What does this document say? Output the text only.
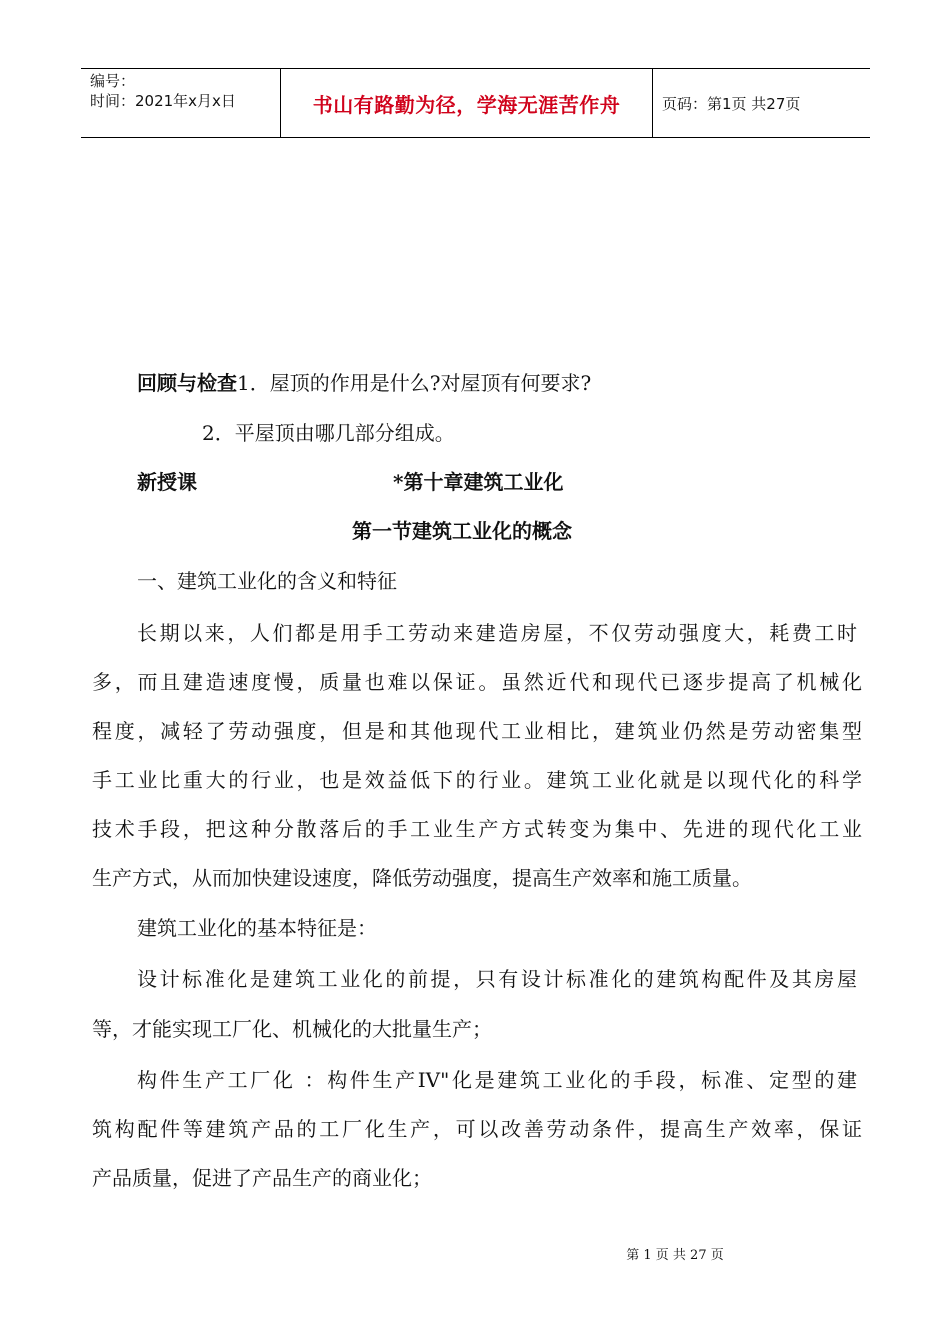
编号：
时间：2021年x月x日	书山有路勤为径，学海无涯苦作舟	页码：第1页 共27页
回顾与检查1．屋顶的作用是什么?对屋顶有何要求?
2．平屋顶由哪几部分组成。
新授课	*第十章建筑工业化
第一节建筑工业化的概念
一、建筑工业化的含义和特征
长期以来，人们都是用手工劳动来建造房屋，不仅劳动强度大，耗费工时
多，而且建造速度慢，质量也难以保证。虽然近代和现代已逐步提高了机械化
程度，减轻了劳动强度，但是和其他现代工业相比，建筑业仍然是劳动密集型
手工业比重大的行业，也是效益低下的行业。建筑工业化就是以现代化的科学
技术手段，把这种分散落后的手工业生产方式转变为集中、先进的现代化工业
生产方式，从而加快建设速度，降低劳动强度，提高生产效率和施工质量。
建筑工业化的基本特征是：
设计标准化是建筑工业化的前提，只有设计标准化的建筑构配件及其房屋
等，才能实现工厂化、机械化的大批量生产；
构件生产工厂化 ：构件生产IV"化是建筑工业化的手段，标准、定型的建
筑构配件等建筑产品的工厂化生产，可以改善劳动条件，提高生产效率，保证
产品质量，促进了产品生产的商业化；
第 1 页 共 27 页
